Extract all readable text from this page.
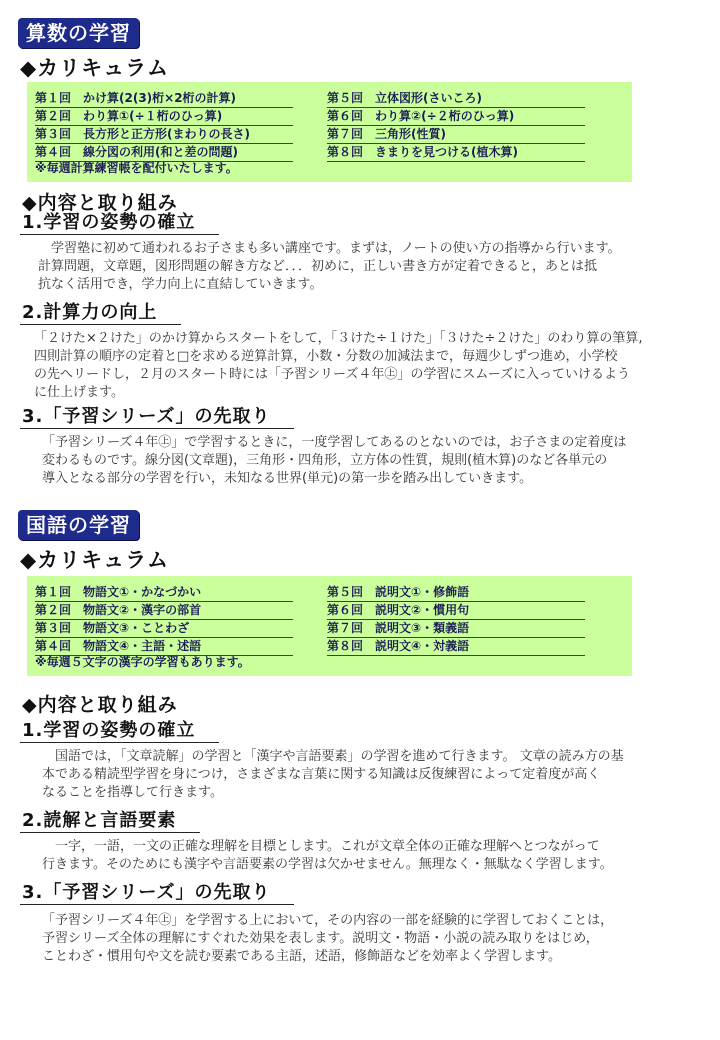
算数の学習
◆カリキュラム
第１回　かけ算(2(3)桁×2桁の計算)
第２回　わり算①(÷１桁のひっ算)
第３回　長方形と正方形(まわりの長さ)
第４回　線分図の利用(和と差の問題)
第５回　立体図形(さいころ)
第６回　わり算②(÷２桁のひっ算)
第７回　三角形(性質)
第８回　きまりを見つける(植木算)
※毎週計算練習帳を配付いたします。
◆内容と取り組み
1.学習の姿勢の確立
　学習塾に初めて通われるお子さまも多い講座です。まずは，ノートの使い方の指導から行います。
計算問題，文章題，図形問題の解き方など．．．初めに，正しい書き方が定着できると，あとは抵
抗なく活用でき，学力向上に直結していきます。
2.計算力の向上
「２けた×２けた」のかけ算からスタートをして，「３けた÷１けた」「３けた÷２けた」のわり算の筆算,
四則計算の順序の定着と□を求める逆算計算，小数・分数の加減法まで，毎週少しずつ進め，小学校
の先へリードし，２月のスタート時には「予習シリーズ４年㊤」の学習にスムーズに入っていけるよう
に仕上げます。
3.「予習シリーズ」の先取り
「予習シリーズ４年㊤」で学習するときに，一度学習してあるのとないのでは，お子さまの定着度は
変わるものです。線分図(文章題)，三角形・四角形，立方体の性質，規則(植木算)のなど各単元の
導入となる部分の学習を行い，未知なる世界(単元)の第一歩を踏み出していきます。
国語の学習
◆カリキュラム
第１回　物語文①・かなづかい
第２回　物語文②・漢字の部首
第３回　物語文③・ことわざ
第４回　物語文④・主語・述語
第５回　説明文①・修飾語
第６回　説明文②・慣用句
第７回　説明文③・類義語
第８回　説明文④・対義語
※毎週５文字の漢字の学習もあります。
◆内容と取り組み
1.学習の姿勢の確立
　国語では，「文章読解」の学習と「漢字や言語要素」の学習を進めて行きます。 文章の読み方の基
本である精読型学習を身につけ，さまざまな言葉に関する知識は反復練習によって定着度が高く
なることを指導して行きます。
2.読解と言語要素
　一字，一語，一文の正確な理解を目標とします。これが文章全体の正確な理解へとつながって
行きます。そのためにも漢字や言語要素の学習は欠かせません。無理なく・無駄なく学習します。
3.「予習シリーズ」の先取り
「予習シリーズ４年㊤」を学習する上において，その内容の一部を経験的に学習しておくことは，
予習シリーズ全体の理解にすぐれた効果を表します。説明文・物語・小説の読み取りをはじめ，
ことわざ・慣用句や文を読む要素である主語，述語，修飾語などを効率よく学習します。
